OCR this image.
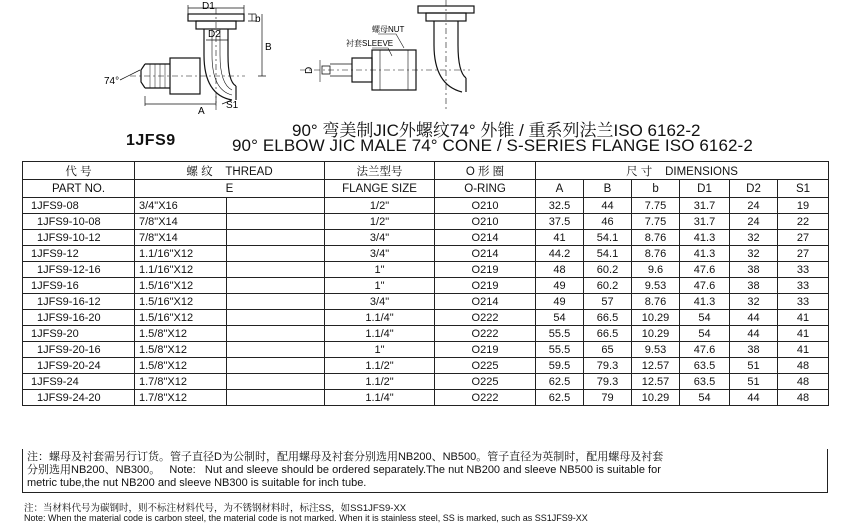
D1
D2
b
B
74°
A
S1
D
螺母NUT
衬套SLEEVE
1JFS9
90° 弯美制JIC外螺纹74° 外锥 / 重系列法兰ISO 6162-2
90° ELBOW JIC MALE 74° CONE / S-SERIES FLANGE ISO 6162-2
代 号	螺 纹 THREAD		法兰型号	O 形 圈	尺 寸 DIMENSIONS					
PART NO.	E		FLANGE SIZE	O-RING	A	B	b	D1	D2	S1
1JFS9-08	3/4"X16		1/2"	O210	32.5	44	7.75	31.7	24	19
1JFS9-10-08	7/8"X14		1/2"	O210	37.5	46	7.75	31.7	24	22
1JFS9-10-12	7/8"X14		3/4"	O214	41	54.1	8.76	41.3	32	27
1JFS9-12	1.1/16"X12		3/4"	O214	44.2	54.1	8.76	41.3	32	27
1JFS9-12-16	1.1/16"X12		1"	O219	48	60.2	9.6	47.6	38	33
1JFS9-16	1.5/16"X12		1"	O219	49	60.2	9.53	47.6	38	33
1JFS9-16-12	1.5/16"X12		3/4"	O214	49	57	8.76	41.3	32	33
1JFS9-16-20	1.5/16"X12		1.1/4"	O222	54	66.5	10.29	54	44	41
1JFS9-20	1.5/8"X12		1.1/4"	O222	55.5	66.5	10.29	54	44	41
1JFS9-20-16	1.5/8"X12		1"	O219	55.5	65	9.53	47.6	38	41
1JFS9-20-24	1.5/8"X12		1.1/2"	O225	59.5	79.3	12.57	63.5	51	48
1JFS9-24	1.7/8"X12		1.1/2"	O225	62.5	79.3	12.57	63.5	51	48
1JFS9-24-20	1.7/8"X12		1.1/4"	O222	62.5	79	10.29	54	44	48
注：螺母及衬套需另行订货。管子直径D为公制时，配用螺母及衬套分别选用NB200、NB500。管子直径为英制时，配用螺母及衬套
分别选用NB200、NB300。   Note:   Nut and sleeve should be ordered separately.The nut NB200 and sleeve NB500 is suitable for
metric tube,the nut NB200 and sleeve NB300 is suitable for inch tube.
注：当材料代号为碳钢时，则不标注材料代号，为不锈钢材料时，标注SS，如SS1JFS9-XX
Note: When the material code is carbon steel, the material code is not marked. When it is stainless steel, SS is marked, such as SS1JFS9-XX
